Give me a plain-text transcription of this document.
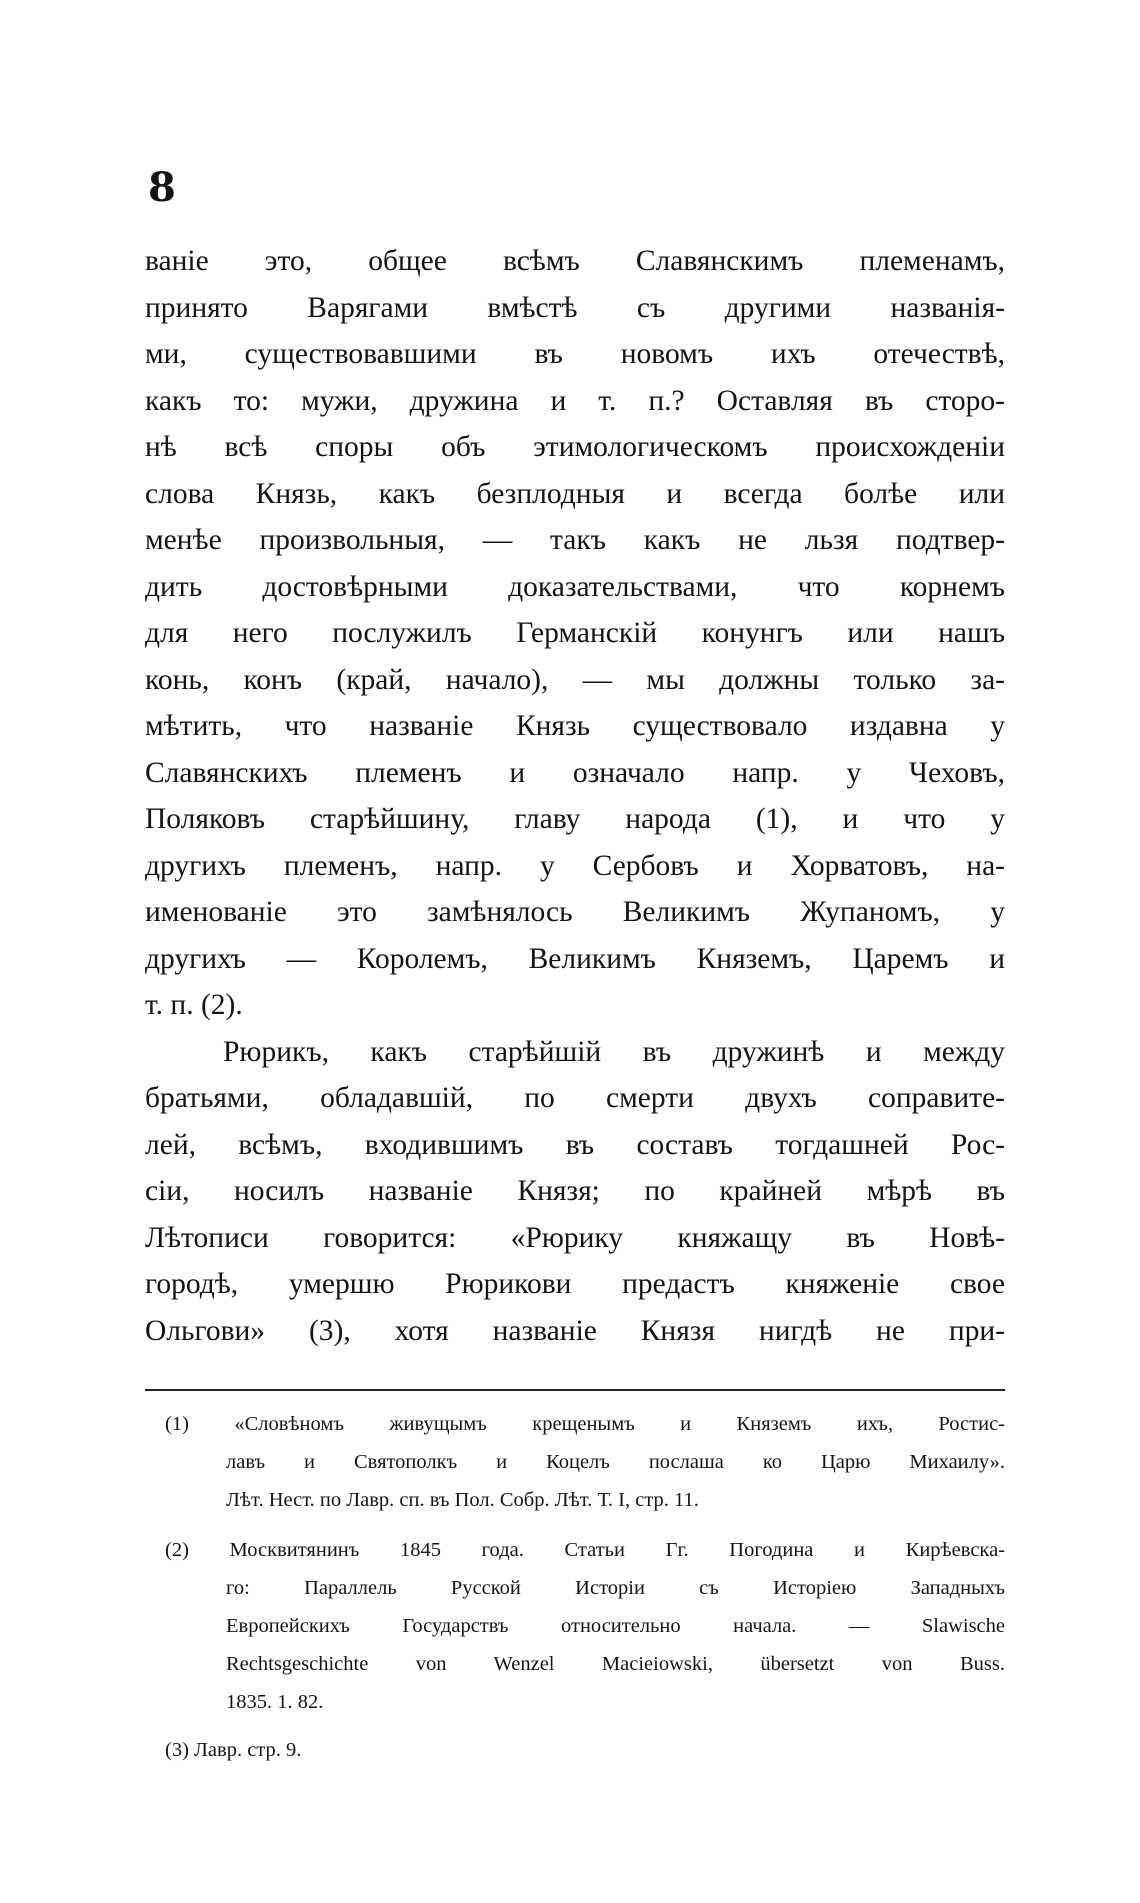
8
ваніе это, общее всѣмъ Славянскимъ племенамъ,
принято Варягами вмѣстѣ съ другими названія-
ми, существовавшими въ новомъ ихъ отечествѣ,
какъ то: мужи, дружина и т. п.? Оставляя въ сторо-
нѣ всѣ споры объ этимологическомъ происхожденіи
слова Князь, какъ безплодныя и всегда болѣе или
менѣе произвольныя, — такъ какъ не льзя подтвер-
дить достовѣрными доказательствами, что корнемъ
для него послужилъ Германскій конунгъ или нашъ
конь, конъ (край, начало), — мы должны только за-
мѣтить, что названіе Князь существовало издавна у
Славянскихъ племенъ и означало напр. у Чеховъ,
Поляковъ старѣйшину, главу народа (1), и что у
другихъ племенъ, напр. у Сербовъ и Хорватовъ, на-
именованіе это замѣнялось Великимъ Жупаномъ, у
другихъ — Королемъ, Великимъ Княземъ, Царемъ и
т. п. (2).
Рюрикъ, какъ старѣйшій въ дружинѣ и между
братьями, обладавшій, по смерти двухъ соправите-
лей, всѣмъ, входившимъ въ составъ тогдашней Рос-
сіи, носилъ названіе Князя; по крайней мѣрѣ въ
Лѣтописи говорится: «Рюрику княжащу въ Новѣ-
городѣ, умершю Рюрикови предастъ княженіе свое
Ольгови» (3), хотя названіе Князя нигдѣ не при-
(1) «Словѣномъ живущымъ крещенымъ и Княземъ ихъ, Ростис-
лавъ и Святополкъ и Коцелъ послаша ко Царю Михаилу».
Лѣт. Нест. по Лавр. сп. въ Пол. Собр. Лѣт. Т. I, стр. 11.
(2) Москвитянинъ 1845 года. Статьи Гг. Погодина и Кирѣевска-
го: Параллель Русской Исторіи съ Исторіею Западныхъ
Европейскихъ Государствъ относительно начала. — Slawische
Rechtsgeschichte von Wenzel Macieiowski, übersetzt von Buss.
1835. 1. 82.
(3) Лавр. стр. 9.
